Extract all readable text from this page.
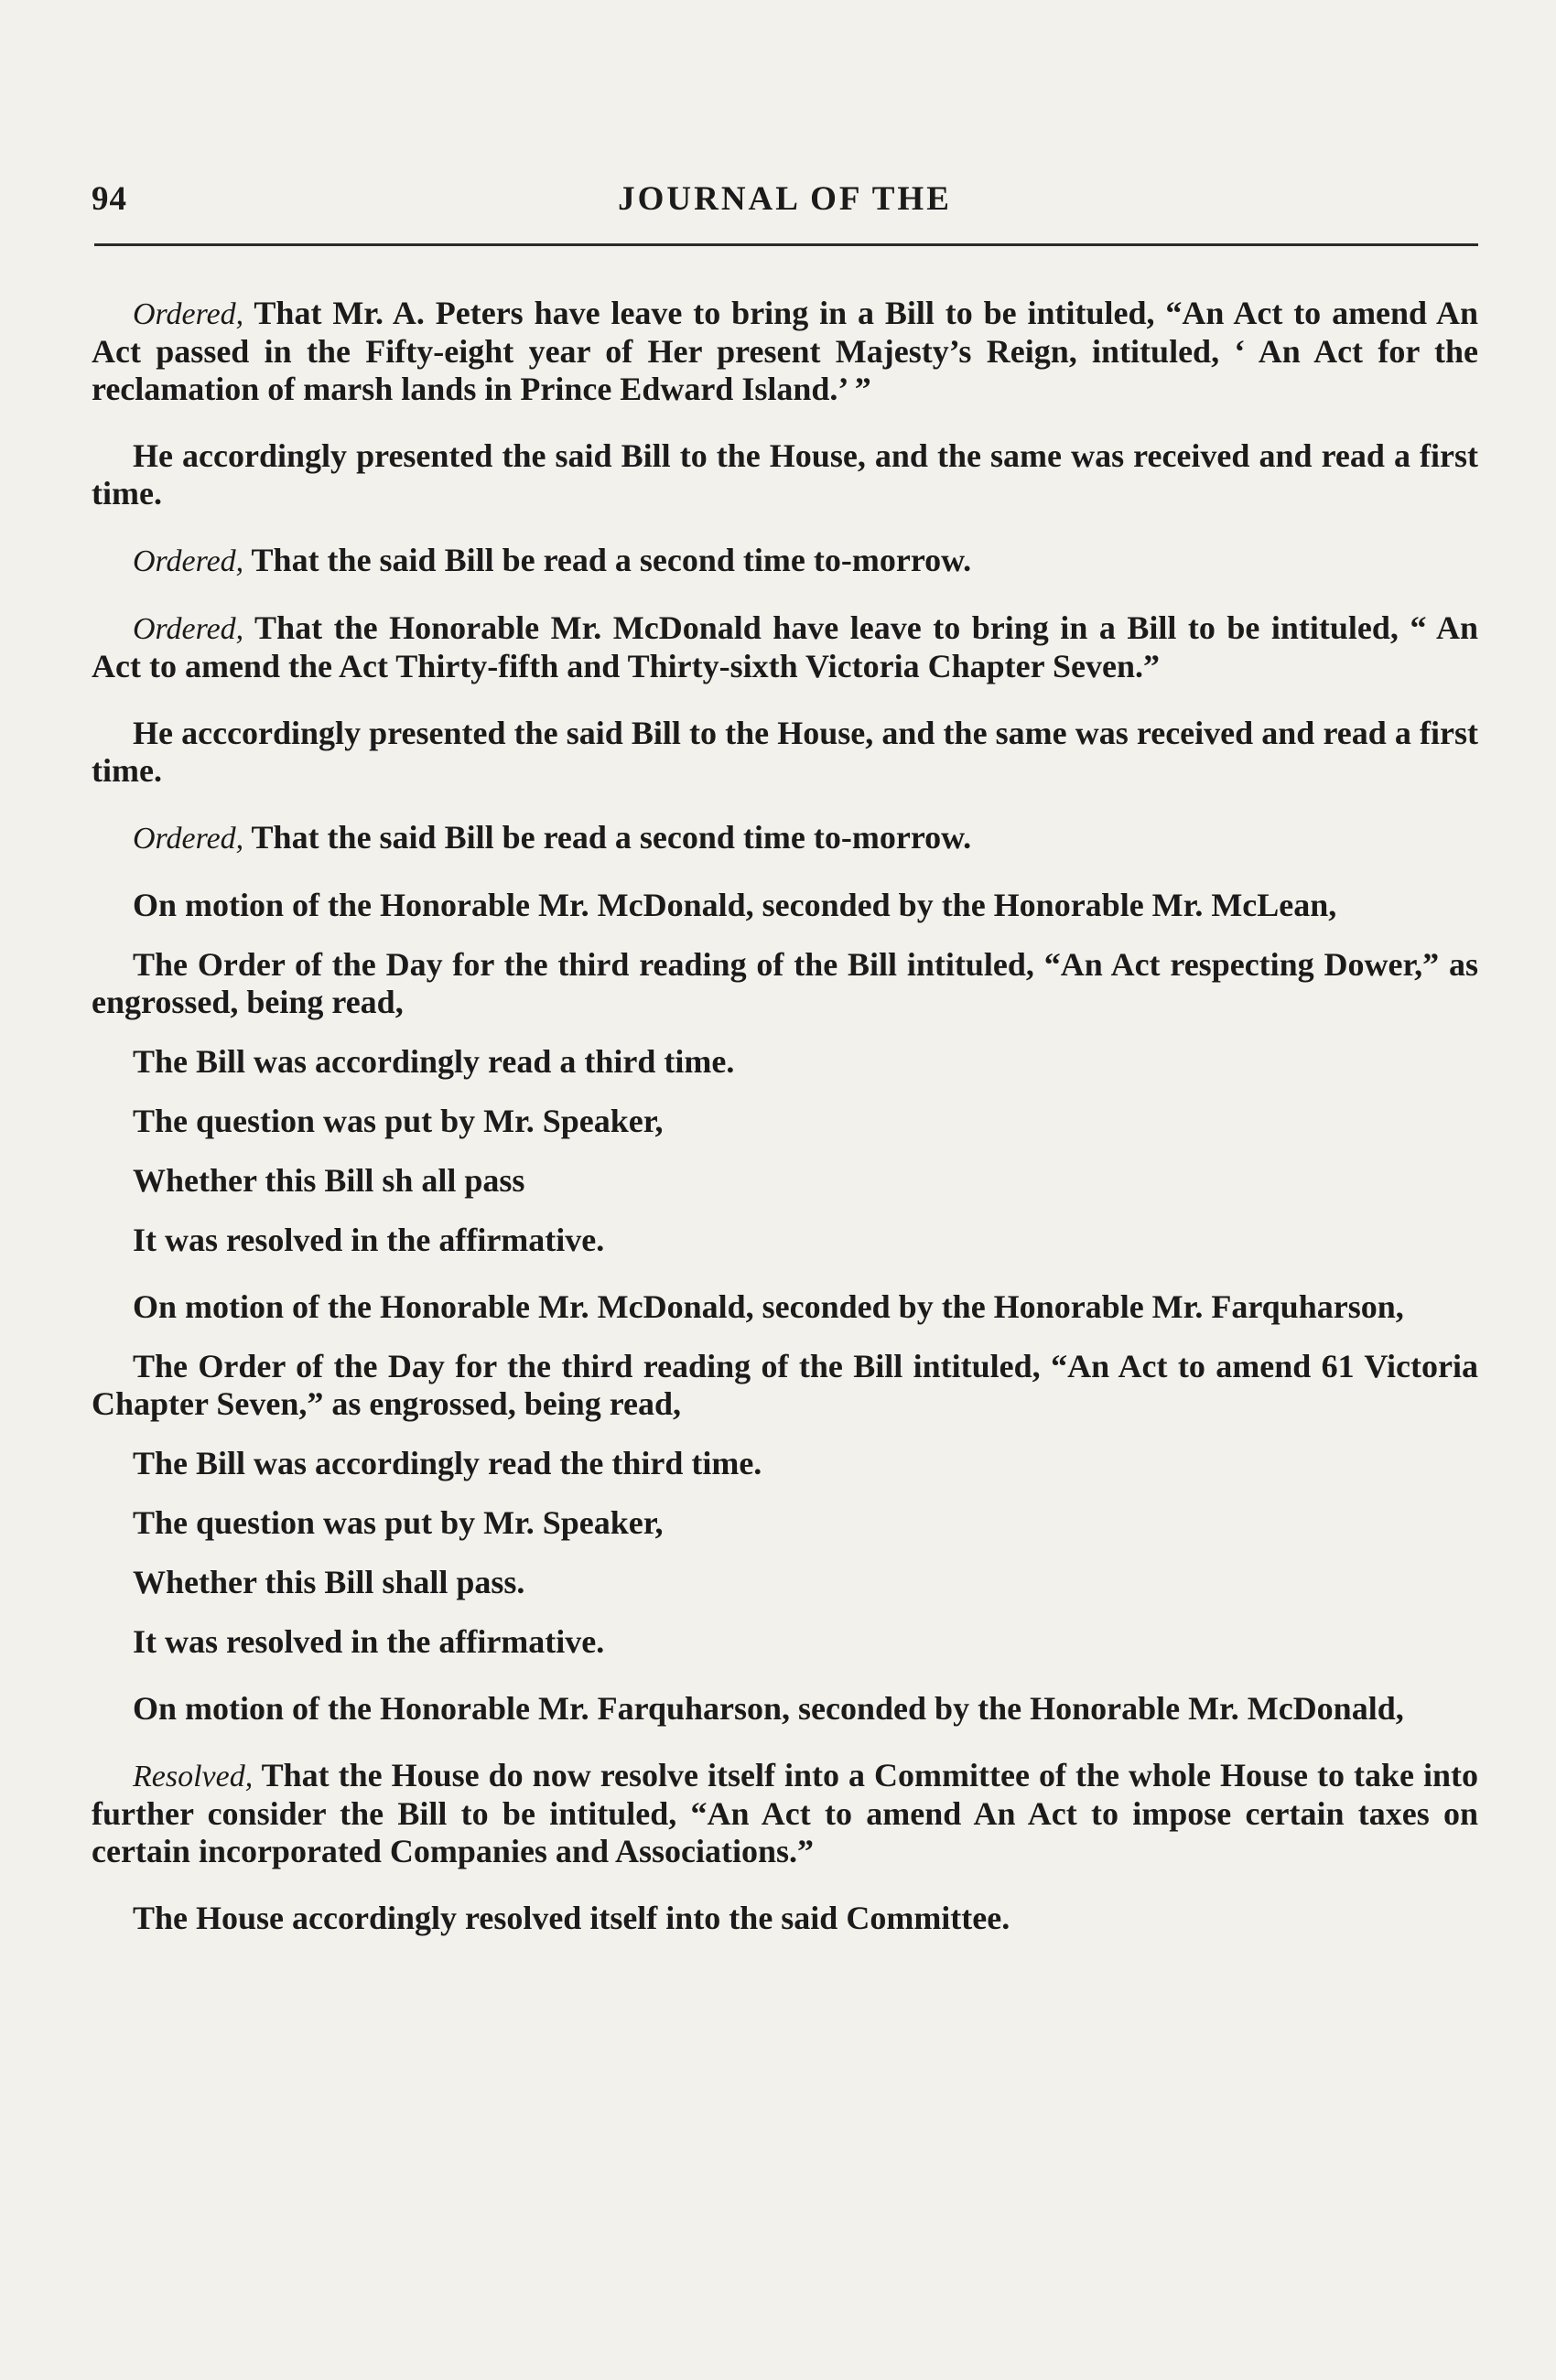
94	JOURNAL OF THE

Ordered, That Mr. A. Peters have leave to bring in a Bill to be intituled, “An Act to amend An Act passed in the Fifty-eight year of Her present Majesty’s Reign, intituled, ‘ An Act for the reclamation of marsh lands in Prince Edward Island.’ ”

He accordingly presented the said Bill to the House, and the same was received and read a first time.

Ordered, That the said Bill be read a second time to-morrow.

Ordered, That the Honorable Mr. McDonald have leave to bring in a Bill to be intituled, “ An Act to amend the Act Thirty-fifth and Thirty-sixth Victoria Chapter Seven.”

He acccordingly presented the said Bill to the House, and the same was received and read a first time.

Ordered, That the said Bill be read a second time to-morrow.

On motion of the Honorable Mr. McDonald, seconded by the Honorable Mr. McLean,

The Order of the Day for the third reading of the Bill intituled, “An Act respecting Dower,” as engrossed, being read,

The Bill was accordingly read a third time.

The question was put by Mr. Speaker,

Whether this Bill sh all pass

It was resolved in the affirmative.

On motion of the Honorable Mr. McDonald, seconded by the Honorable Mr. Farquharson,

The Order of the Day for the third reading of the Bill intituled, “An Act to amend 61 Victoria Chapter Seven,” as engrossed, being read,

The Bill was accordingly read the third time.

The question was put by Mr. Speaker,

Whether this Bill shall pass.

It was resolved in the affirmative.

On motion of the Honorable Mr. Farquharson, seconded by the Honorable Mr. McDonald,

Resolved, That the House do now resolve itself into a Committee of the whole House to take into further consider the Bill to be intituled, “An Act to amend An Act to impose certain taxes on certain incorporated Companies and Associations.”

The House accordingly resolved itself into the said Committee.
